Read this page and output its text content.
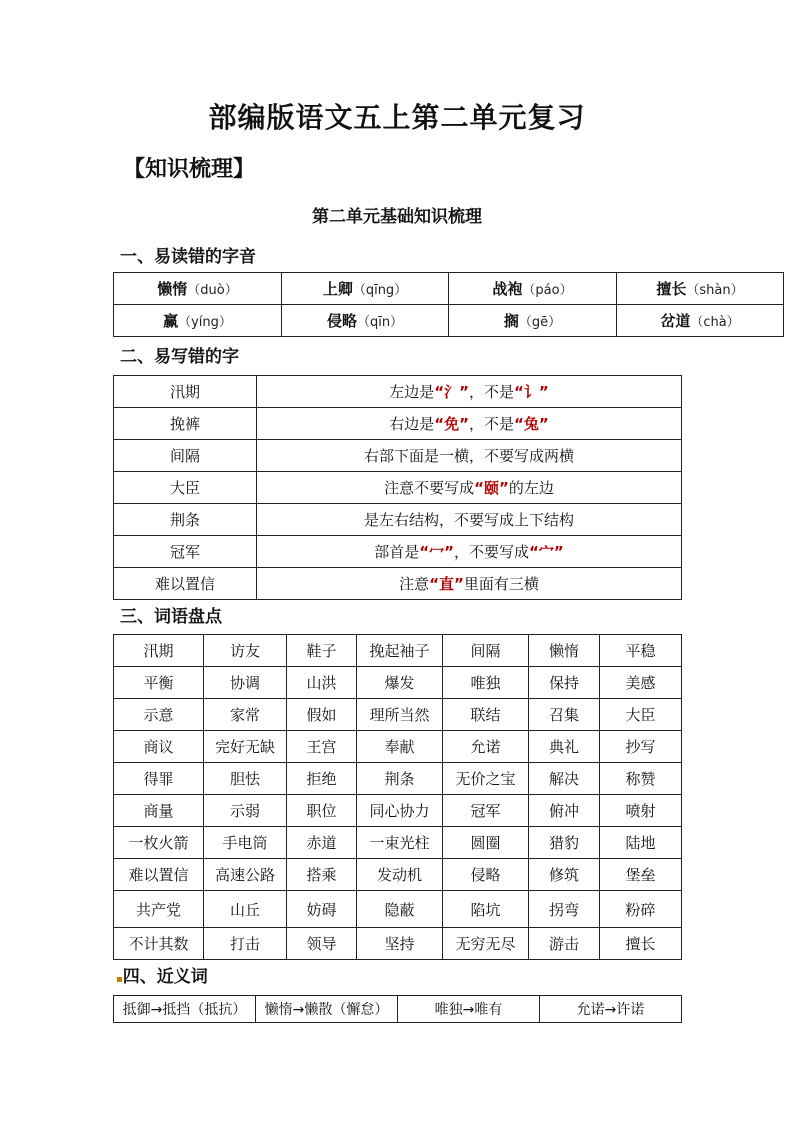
部编版语文五上第二单元复习
【知识梳理】
第二单元基础知识梳理
一、易读错的字音
懒惰（duò）	上卿（qīng）	战袍（páo）	擅长（shàn）
赢（yíng）	侵略（qīn）	搁（gē）	岔道（chà）
二、易写错的字
汛期	左边是“氵”，不是“讠”
挽裤	右边是“免”，不是“兔”
间隔	右部下面是一横，不要写成两横
大臣	注意不要写成“颐”的左边
荆条	是左右结构，不要写成上下结构
冠军	部首是“冖”，不要写成“宀”
难以置信	注意“直”里面有三横
三、词语盘点
汛期	访友	鞋子	挽起袖子	间隔	懒惰	平稳
平衡	协调	山洪	爆发	唯独	保持	美感
示意	家常	假如	理所当然	联结	召集	大臣
商议	完好无缺	王宫	奉献	允诺	典礼	抄写
得罪	胆怯	拒绝	荆条	无价之宝	解决	称赞
商量	示弱	职位	同心协力	冠军	俯冲	喷射
一枚火箭	手电筒	赤道	一束光柱	圆圈	猎豹	陆地
难以置信	高速公路	搭乘	发动机	侵略	修筑	堡垒
共产党	山丘	妨碍	隐蔽	陷坑	拐弯	粉碎
不计其数	打击	领导	坚持	无穷无尽	游击	擅长
▪四、近义词
抵御→抵挡（抵抗）	懒惰→懒散（懈怠）	唯独→唯有	允诺→许诺
